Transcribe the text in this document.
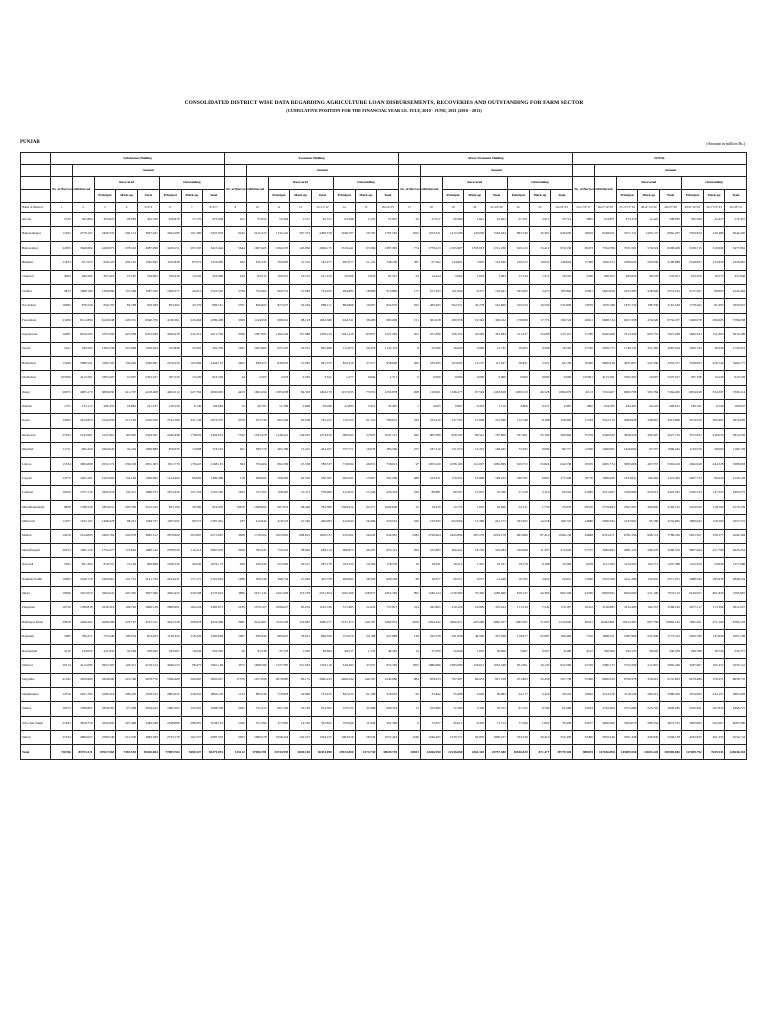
CONSOLIDATED DISTRICT WISE DATA REGARDING AGRICULTURE LOAN DISBURSEMENTS, RECOVERIES AND OUTSTANDING FOR FARM SECTOR
(CUMULATIVE POSITION FOR THE FINANCIAL YEAR I.E. JULY, 2010 - JUNE, 2011 (2010 - 2011)
PUNJAB	(Amount in million Rs.)
	Subsistence Holding								Economic Holding								Above Economic Holding								TOTAL							
		Amount								Amount								Amount								Amount						
	No. of Borrowers	Disbursed	Recovered			Outstanding			No. of Borrowers	Disbursed	Recovered			Outstanding			No. of Borrowers	Disbursed	Recovered			Outstanding			No. of Borrowers	Disbursed	Recovered			Outstanding		
			Principal	Mark-up	Total	Principal	Mark-up	Total			Principal	Mark-up	Total	Principal	Mark-up	Total			Principal	Mark-up	Total	Principal	Mark-up	Total			Principal	Mark-up	Total	Principal	Mark-up	Total
Name of Districts	1	2	3	4	5=3+4	6	7	8=6+7	9	10	11	12	13=11+12	14	15	16=14+15	17	18	19	20	21=19+20	22	23	24=22+23	25=1+9+17	26=2+10+18	27=3+11+19	28=4+12+20	29=27+28	30=6+14+22	31=7+15+23	32=30+31
Attock	3742	391.804	393.823	28.283	422.106	450.870	17.170	475.058	101	55.052	55.404	1.517	92.721	93.588	1.255	72.607	22	27.017	20.269	1.641	22.002	21.701	2.915	23.714	3865	474.871	475.279	11.422	508.839	565.939	22.427	572.357
Bahawalnagar	11022	2779.197	2406.333	500.714	3907.047	3294.289	161.390	3455.679	6245	2215.223	1743.101	567.373	2290.578	1648.797	50.795	1705.592	1652	1553.611	1413.598	143.036	1556.634	893.749	32.301	926.050	18919	6548.031	5557.131	1205.175	6062.297	5593.834	230.486	5944.320
Bahawalpur	22635	3646.682	4109.873	278.322	4387.998	3228.151	287.293	3415.444	5644	1907.405	1592.235	143.856	2066.175	1319.441	67.084	1387.365	774	1778.413	1503.987	1703.813	1712.230	619.123	53.412	674.536	28473	7534.786	7031.561	576.024	8208.409	5199.715	310.990	5477.861
Bhakkar	11873	677.523	849.123	459.722	1305.845	1165.838	87.072	1253.000	362	635.547	706.995	31.312	742.277	697.077	51.152	748.109	387	67.562	134.991	7.605	142.596	130.572	16.052	146.624	17368	1050.372	1090.045	500.639	2190.688	2199.827	125.958	2326.981
Chakwal	4963	269.206	307.419	27.187	334.605	339.436	14.545	353.966	244	96.515	100.551	10.572	101.122	76.596	2.933	81.527	23	14.424	5.664	1.619	7.283	17.234	1.311	18.545	5240	466.455	495.633	39.578	535.811	433.070	18.575	451.646
Chiniot	9815	1868.190	1369.990	157.566	1587.526	1468.377	44.015	1525.592	2739	752.462	660.751	51.083	734.245	494.885	18.866	513.809	177	101.333	121.844	9.377	132.421	182.265	3.473	185.864	12691	2842.956	2255.383	228.029	2574.192	2157.567	68.895	2224.462
D.G.Khan	16062	878.229	844.795	84.798	929.598	854.362	45.379	899.741	2761	826.693	827.627	59.264	886.111	884.896	19.997	824.976	932	409.265	502.551	45.278	547.609	519.259	16.559	535.838	13079	1970.188	1875.156	188.336	2161.536	1778.262	81.995	1859.927
Faisalabad	23299	8112.890	6120.048	220.331	6340.379	4136.561	243.494	4380.408	3399	1144.956	998.431	68.123	1062.566	944.741	38.485	983.206	151	362.018	280.556	19.342	300.162	178.998	17.774	190.724	26611	9668.724	9457.438	474.020	9732.257	5490.078	299.063	5786.038
Gujranwala	10487	6616.595	5797.000	425.058	6222.058	4269.478	232.312	4511.792	3796	1397.997	1182.224	157.080	1339.214	1181.419	85.857	1227.292	453	357.306	336.152	22.962	361.094	211.417	23.698	235.115	17780	8446.468	7315.456	605.752	7921.208	5662.324	311.803	5974.209
Gujrat	5411	546.594	1362.538	247.666	1550.204	555.848	25.391	581.239	1631	1027.805	625.107	70.331	695.488	111.873	30.478	1142.110	8	22.366	18.620	3.084	21.732	18.265	6.296	18.562	17720	2056.775	1748.131	321.385	2087.434	1063.744	58.336	1759.912
Hafizabad	15299	3086.541	3182.705	159.292	3340.997	2276.259	165.984	2444.135	2465	838.473	848.979	51.981	901.375	852.419	37.517	958.648	200	183.495	163.092	12.137	111.027	58.951	5.321	64.159	16390	4006.618	4051.807	222.330	4355.377	3238.853	226.744	3464.777
Islamabad	105950	4115.581	5305.497	10.007	5325.527	597.520	13.229	610.529	44	2.505	2.976	0.565	3.521	1.277	0.094	1.371	0	0.000	0.000	0.000	0.000	0.000	0.000	0.000	105991	4115.581	5305.495	10.007	5325.527	597.538	13.229	610.529
Jhang	20675	4005.170	3806.050	411.767	4218.408	4402.612	227.762	4930.605	4453	1603.294	1303.658	84.503	1404.170	1157.635	77.053	1233.878	268	118.661	1346.277	67.594	1433.818	1039.519	46.528	1084.070	40.13	7252.467	6600.786	563.784	7164.465	6954.949	354.397	7309.114
Jhelum	1751	212.172	286.355	18.882	221.237	130.539	6.140	136.682	12	46.797	51.389	2.898	58.298	47.883	3.312	50.497	1	4.025	0.867	0.452	7.119	2.899	0.271	2.967	1865	254.795	284.301	22.224	296.612	180.321	9.729	190.037
Kasur	13902	2415.853	2144.950	271.102	2416.058	2742.189	231.146	2973.337	2079	673.739	662.266	62.958	745.222	710.525	61.110	780.631	183	225.410	237.702	13.008	251.596	112.748	8.188	120.928	17244	3312.210	3084.928	348.661	3412.960	3574.256	300.461	3874.695
Khanewal	27053	2145.661	2147.661	195.900	2343.561	2246.448	178.626	2426.074	7342	1335.478	1140.421	134.055	1274.476	989.203	57.825	1047.127	942	865.588	656.105	69.541	787.699	337.491	23.182	360.864	35379	4346.620	3928.226	399.497	4327.716	3572.852	239.033	3812.035
Khushab	11711	962.429	1064.045	32.234	1096.880	870.035	13.968	716.523	201	586.776	405.189	13.415	424.167	375.771	10.078	385.566	275	187.410	151.073	15.472	169.945	73.295	9.084	80.777	12590	1496.965	1620.064	67.557	1666.442	1129.079	58.060	1184.729
Lahore	15334	3084.080	2552.572	239.100	2851.303	1811.770	178.423	2168.125	564	756.404	892.299	25.538	788.537	718.094	46.831	758.013	97	1055.220	1058.162	112.097	1082.999	619.772	23.824	642.558	18335	4965.774	5095.666	467.557	5563.419	2942.940	444.328	3388.003
Layyah	14775	1261.201	1225.992	134.100	1360.092	1414.404	66.682	1480.486	178	468.992	508.269	62.592	550.781	464.561	15.997	501.206	488	234.221	179.332	19.898	199.222	186.787	6.861	177.648	16770	1996.626	1913.811	196.492	2110.305	2007.774	99.420	2156.194
Lodhran	19910	2757.110	1845.976	141.311	1980.273	1874.359	127.156	1705.585	1493	727.565	708.495	51.471	759.966	412.652	17.228	429.318	109	88.881	60.597	15.937	70.330	57.128	3.116	60.244	21985	3101.497	3199.969	225.613	3425.581	2345.554	147.523	2493.075
Mandibahauddin	9828	1798.139	1804.031	295.769	2101.195	853.199	26.282	919.470	19670	1508.695	667.952	96.449	764.399	1568.412	92.377	1626.606	52	18.418	14.774	1.052	16.026	22.211	1.759	23.970	29550	2779.684	2307.287	394.845	2702.132	2454.050	118.799	2572.259
Mianwali	11077	1335.197	1468.478	98.251	1566.727	1187.095	99.572	1287.461	187	412.944	418.523	21.540	440.093	415.644	26.496	470.542	526	159.595	252.604	13.389	241.173	183.205	14.528	199.725	14680	2006.592	2137.661	95.186	2232.995	1800.942	150.590	1957.531
Multan	19478	2314.063	2492.762	243.978	3085.512	2879.960	205.067	2271.667	3008	1718.504	1003.805	668.825	1658.731	676.561	56.045	934.961	2382	2758.464	2643.699	387.278	2053.178	995.686	87.410	1084.136	24868	6791.071	6781.266	998.174	7789.436	5951.567	359.177	4292.364
Muzaffargarh	26274	1081.176	1754.477	173.692	1980.140	2708.559	116.114	2867.076	2949	785.947	750.222	58.902	649.114	908.875	46.267	955.112	393	415.805	466.441	18.793	502.284	196.668	11.397	215.029	27575	3082.695	2991.152	286.379	3289.576	3807.464	227.766	4045.252
Narowal	5561	851.394	818.557	72.149	990.698	1036.126	40.645	1076.173	639	229.245	257.662	29.317	287.179	183.553	14.564	178.576	10	18.341	18.214	1.307	19.521	18.178	0.188	19.364	6259	1121.182	1154.595	102.771	1257.388	1212.459	54.939	1277.086
Nankana Sahib	10965	2240.178	1999.961	141.731	2141.734	2014.431	177.171	2191.602	1286	506.549	398.754	27.004	425.758	490.665	28.593	629.258	69	18.677	20.571	0.077	21.448	10.703	2.952	22.651	11960	2555.599	2411.286	159.955	2571.251	2688.542	185.978	2846.534
Okara	18566	3163.970	3262.041	325.365	3607.396	4302.425	430.598	4733.022	3886	2257.142	2101.096	153.578	2257.654	1045.599	128.657	1810.349	895	1236.124	1139.369	70.360	1209.660	818.137	44.382	862.528	23336	6658.962	6502.669	551.109	7074.110	6164.057	601.820	7265.867
Pakpattan	16759	1789.816	1639.316	106.762	1806.128	2800.691	164.224	2385.071	2239	1076.107	1096.627	65.019	1162.746	575.485	21.045	737.817	314	345.665	316.129	19.809	335.222	171.519	7.541	176.197	19312	3136.883	3312.400	192.557	3508.190	2677.117	173.390	3612.227
Rahimyar Khan	39678	4106.262	4298.586	279.727	4527.311	4245.528	308.978	4554.496	5981	3212.967	3135.530	153.887	3280.177	3131.375	140.107	3262.973	2079	2944.342	2600.471	205.280	2865.557	1583.597	71.097	1535.620	46531	10443.891	10274.367	607.758	10882.145	7961.401	471.160	8785.193
Rajanpur	5985	786.377	753.349	100.054	853.403	1136.324	118.329	1495.858	1087	958.444	983.607	78.612	966.339	572.979	34.188	427.889	138	345.578	291.038	46.560	337.598	178.477	22.087	196.464	7510	1868.351	1987.968	223.349	1775.312	2005.780	135.628	2261.199
Rawalpindi	4110	219.052	221.835	32.569	250.405	242.067	16.944	261.020	40	45.538	37.718	1.026	48.484	48.217	1.125	49.342	14	37.050	34.946	1.052	36.000	5.967	0.567	6.296	4122	328.560	294.135	36.043	330.239	296.788	18.726	316.577
Sahiwal	26174	4112.080	2925.305	120.351	2159.514	3949.153	98.475	1961.148	2075	1668.766	1727.387	251.663	1793.110	618.493	47.055	655.349	1855	1986.666	1983.689	126.612	1052.348	631.001	16.145	652.066	22729	5380.175	5752.296	211.816	5965.446	3267.667	165.472	3233.141
Sargodha	41541	5956.960	5458.090	219.766	5678.776	5396.460	209.467	5605.927	17379	1257.099	2076.885	83.172	2690.223	2490.344	140.197	2230.080	984	878.253	797.267	66.932	827.518	471.803	35.459	507.738	55300	9908.329	8799.378	356.901	9155.893	8279.480	376.257	8658.735
Sheikhupura	14759	2621.784	2286.318	209.220	2478.125	2863.652	229.455	2862.118	1514	883.536	718.858	54.860	753.435	827.614	61.108	578.032	92	35.842	53.498	2.626	56.082	24.117	2.426	26.543	16829	3214.370	3119.239	266.212	3380.059	3554.962	242.137	3867.693
Sialkot	10573	1589.807	1858.587	177.458	2034.425	1685.563	125.301	1908.338	2295	731.413	801.290	53.185	914.595	579.754	41.998	600.354	11	102.680	72.289	5.339	78.755	61.725	9.784	61.689	12953	2742.460	2753.289	225.725	2828.285	2325.481	167.855	2468.727
Toba Tek Singh	21923	3819.759	3343.095	267.498	3449.188	2348.866	288.281	3538.161	1036	351.584	377.881	14.762	352.825	379.646	11.942	391.599	9	75.057	45.612	0.302	71.714	77.596	1.062	79.458	22677	4640.400	3594.076	288.554	3673.725	3005.805	202.067	4087.900
Vehari	27164	2809.627	2789.249	215.339	2982.598	2733.178	192.357	2985.535	5003	1089.578	1058.424	122.527	1764.155	1063.616	58.526	1072.444	1249	1546.405	1570.751	92.859	1809.557	533.239	29.410	553.439	33496	5819.549	5561.408	430.630	5458.138	4232.833	261.555	4554.154
Total	716766	85753.231	87027.065	7493.539	95420.604	77009.764	5389.327	83279.091	125212	37906.781	33743.955	2849.165	36391.090	29913.800	1574.739	38549.739	20033	22266.950	22136.060	2261.320	23797.380	18186.820	671.477	18779.549	880033	147026.890	143985.950	12603.220	155589.082	117009.752	7639.543	124646.335
